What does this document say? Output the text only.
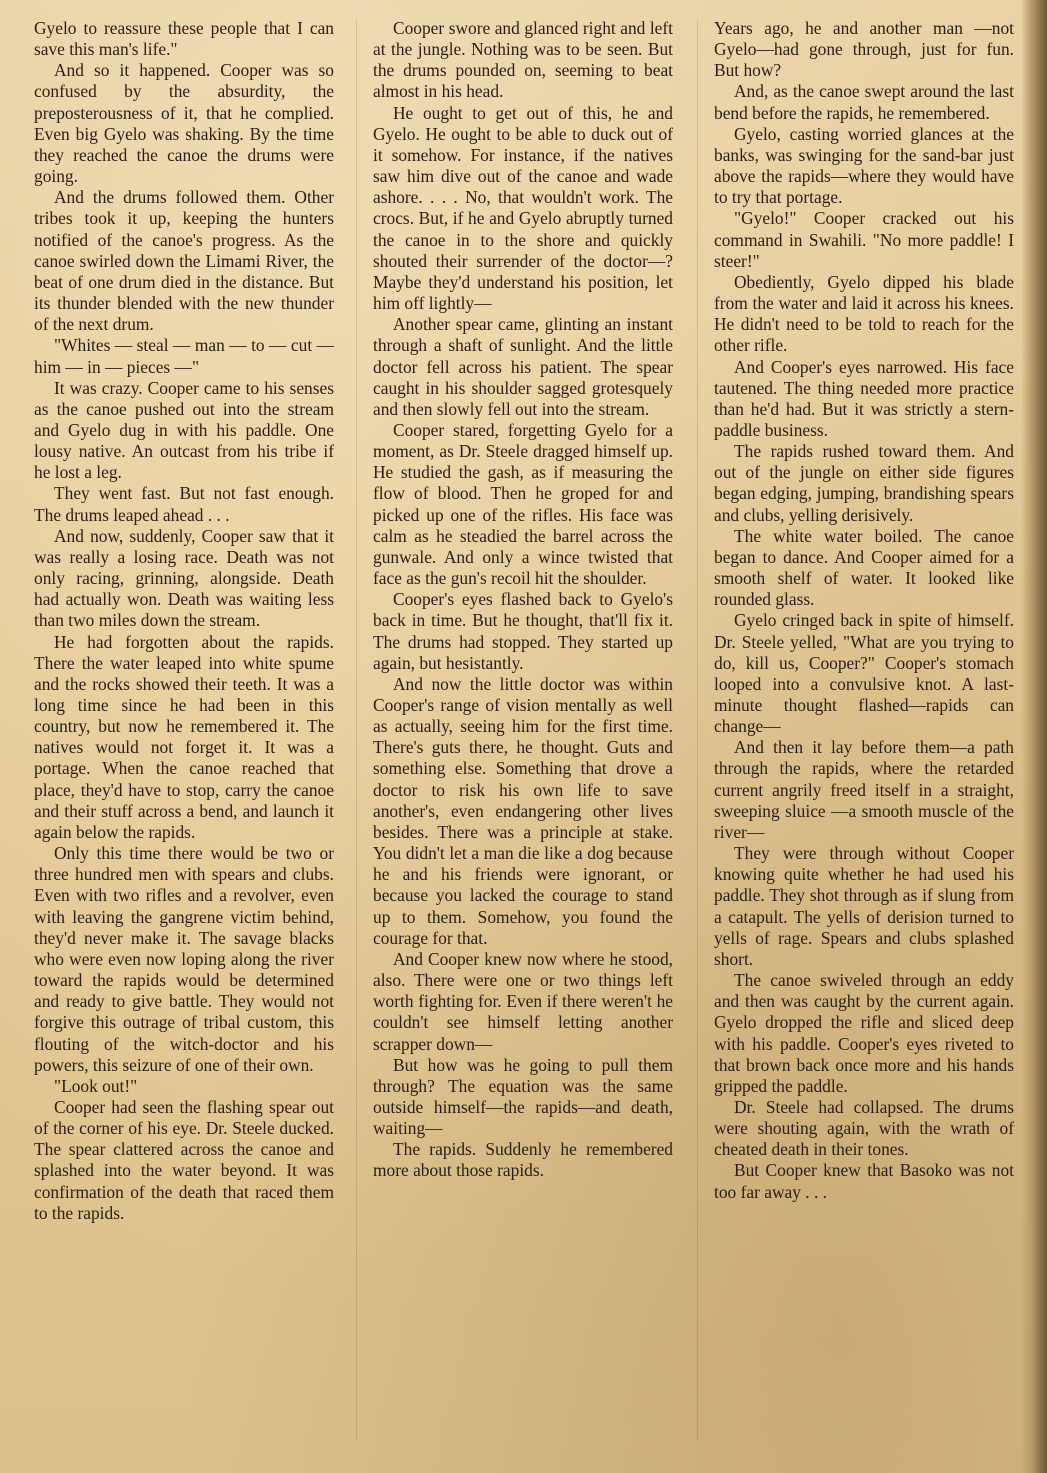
Gyelo to reassure these people that I can save this man's life."

And so it happened. Cooper was so confused by the absurdity, the preposterousness of it, that he complied. Even big Gyelo was shaking. By the time they reached the canoe the drums were going.

And the drums followed them. Other tribes took it up, keeping the hunters notified of the canoe's progress. As the canoe swirled down the Limami River, the beat of one drum died in the distance. But its thunder blended with the new thunder of the next drum.

"Whites — steal — man — to — cut — him — in — pieces —"

It was crazy. Cooper came to his senses as the canoe pushed out into the stream and Gyelo dug in with his paddle. One lousy native. An outcast from his tribe if he lost a leg.

They went fast. But not fast enough. The drums leaped ahead . . .

And now, suddenly, Cooper saw that it was really a losing race. Death was not only racing, grinning, alongside. Death had actually won. Death was waiting less than two miles down the stream.

He had forgotten about the rapids. There the water leaped into white spume and the rocks showed their teeth. It was a long time since he had been in this country, but now he remembered it. The natives would not forget it. It was a portage. When the canoe reached that place, they'd have to stop, carry the canoe and their stuff across a bend, and launch it again below the rapids.

Only this time there would be two or three hundred men with spears and clubs. Even with two rifles and a revolver, even with leaving the gangrene victim behind, they'd never make it. The savage blacks who were even now loping along the river toward the rapids would be determined and ready to give battle. They would not forgive this outrage of tribal custom, this flouting of the witch-doctor and his powers, this seizure of one of their own.

"Look out!"

Cooper had seen the flashing spear out of the corner of his eye. Dr. Steele ducked. The spear clattered across the canoe and splashed into the water beyond. It was confirmation of the death that raced them to the rapids.

Cooper swore and glanced right and left at the jungle. Nothing was to be seen. But the drums pounded on, seeming to beat almost in his head.

He ought to get out of this, he and Gyelo. He ought to be able to duck out of it somehow. For instance, if the natives saw him dive out of the canoe and wade ashore. . . . No, that wouldn't work. The crocs. But, if he and Gyelo abruptly turned the canoe in to the shore and quickly shouted their surrender of the doctor—? Maybe they'd understand his position, let him off lightly—

Another spear came, glinting an instant through a shaft of sunlight. And the little doctor fell across his patient. The spear caught in his shoulder sagged grotesquely and then slowly fell out into the stream.

Cooper stared, forgetting Gyelo for a moment, as Dr. Steele dragged himself up. He studied the gash, as if measuring the flow of blood. Then he groped for and picked up one of the rifles. His face was calm as he steadied the barrel across the gunwale. And only a wince twisted that face as the gun's recoil hit the shoulder.

Cooper's eyes flashed back to Gyelo's back in time. But he thought, that'll fix it. The drums had stopped. They started up again, but hesistantly.

And now the little doctor was within Cooper's range of vision mentally as well as actually, seeing him for the first time. There's guts there, he thought. Guts and something else. Something that drove a doctor to risk his own life to save another's, even endangering other lives besides. There was a principle at stake. You didn't let a man die like a dog because he and his friends were ignorant, or because you lacked the courage to stand up to them. Somehow, you found the courage for that.

And Cooper knew now where he stood, also. There were one or two things left worth fighting for. Even if there weren't he couldn't see himself letting another scrapper down—

But how was he going to pull them through? The equation was the same outside himself—the rapids—and death, waiting—

The rapids. Suddenly he remembered more about those rapids.

Years ago, he and another man —not Gyelo—had gone through, just for fun. But how?

And, as the canoe swept around the last bend before the rapids, he remembered.

Gyelo, casting worried glances at the banks, was swinging for the sand-bar just above the rapids—where they would have to try that portage.

"Gyelo!" Cooper cracked out his command in Swahili. "No more paddle! I steer!"

Obediently, Gyelo dipped his blade from the water and laid it across his knees. He didn't need to be told to reach for the other rifle.

And Cooper's eyes narrowed. His face tautened. The thing needed more practice than he'd had. But it was strictly a stern-paddle business.

The rapids rushed toward them. And out of the jungle on either side figures began edging, jumping, brandishing spears and clubs, yelling derisively.

The white water boiled. The canoe began to dance. And Cooper aimed for a smooth shelf of water. It looked like rounded glass.

Gyelo cringed back in spite of himself. Dr. Steele yelled, "What are you trying to do, kill us, Cooper?" Cooper's stomach looped into a convulsive knot. A last-minute thought flashed—rapids can change—

And then it lay before them—a path through the rapids, where the retarded current angrily freed itself in a straight, sweeping sluice —a smooth muscle of the river—

They were through without Cooper knowing quite whether he had used his paddle. They shot through as if slung from a catapult. The yells of derision turned to yells of rage. Spears and clubs splashed short.

The canoe swiveled through an eddy and then was caught by the current again. Gyelo dropped the rifle and sliced deep with his paddle. Cooper's eyes riveted to that brown back once more and his hands gripped the paddle.

Dr. Steele had collapsed. The drums were shouting again, with the wrath of cheated death in their tones.

But Cooper knew that Basoko was not too far away . . .
